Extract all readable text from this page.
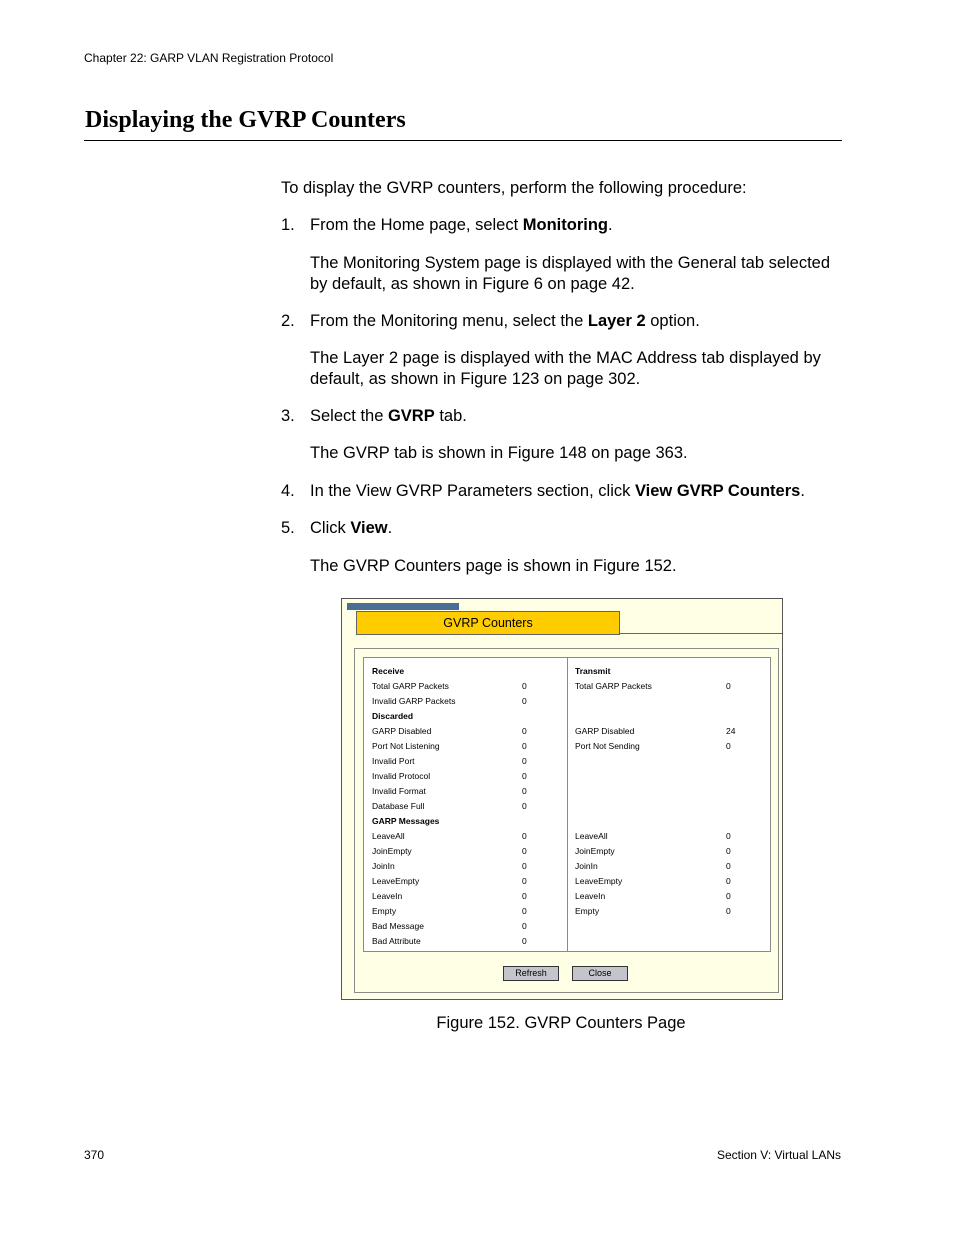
Chapter 22: GARP VLAN Registration Protocol
Displaying the GVRP Counters
To display the GVRP counters, perform the following procedure:
1. From the Home page, select Monitoring.
The Monitoring System page is displayed with the General tab selected by default, as shown in Figure 6 on page 42.
2. From the Monitoring menu, select the Layer 2 option.
The Layer 2 page is displayed with the MAC Address tab displayed by default, as shown in Figure 123 on page 302.
3. Select the GVRP tab.
The GVRP tab is shown in Figure 148 on page 363.
4. In the View GVRP Parameters section, click View GVRP Counters.
5. Click View.
The GVRP Counters page is shown in Figure 152.
GVRP Counters
Receive
Total GARP Packets	0
Invalid GARP Packets	0
Discarded
GARP Disabled	0
Port Not Listening	0
Invalid Port	0
Invalid Protocol	0
Invalid Format	0
Database Full	0
GARP Messages
LeaveAll	0
JoinEmpty	0
JoinIn	0
LeaveEmpty	0
LeaveIn	0
Empty	0
Bad Message	0
Bad Attribute	0
Transmit
Total GARP Packets	0
GARP Disabled	24
Port Not Sending	0
LeaveAll	0
JoinEmpty	0
JoinIn	0
LeaveEmpty	0
LeaveIn	0
Empty	0
Refresh	Close
Figure 152. GVRP Counters Page
370	Section V: Virtual LANs
